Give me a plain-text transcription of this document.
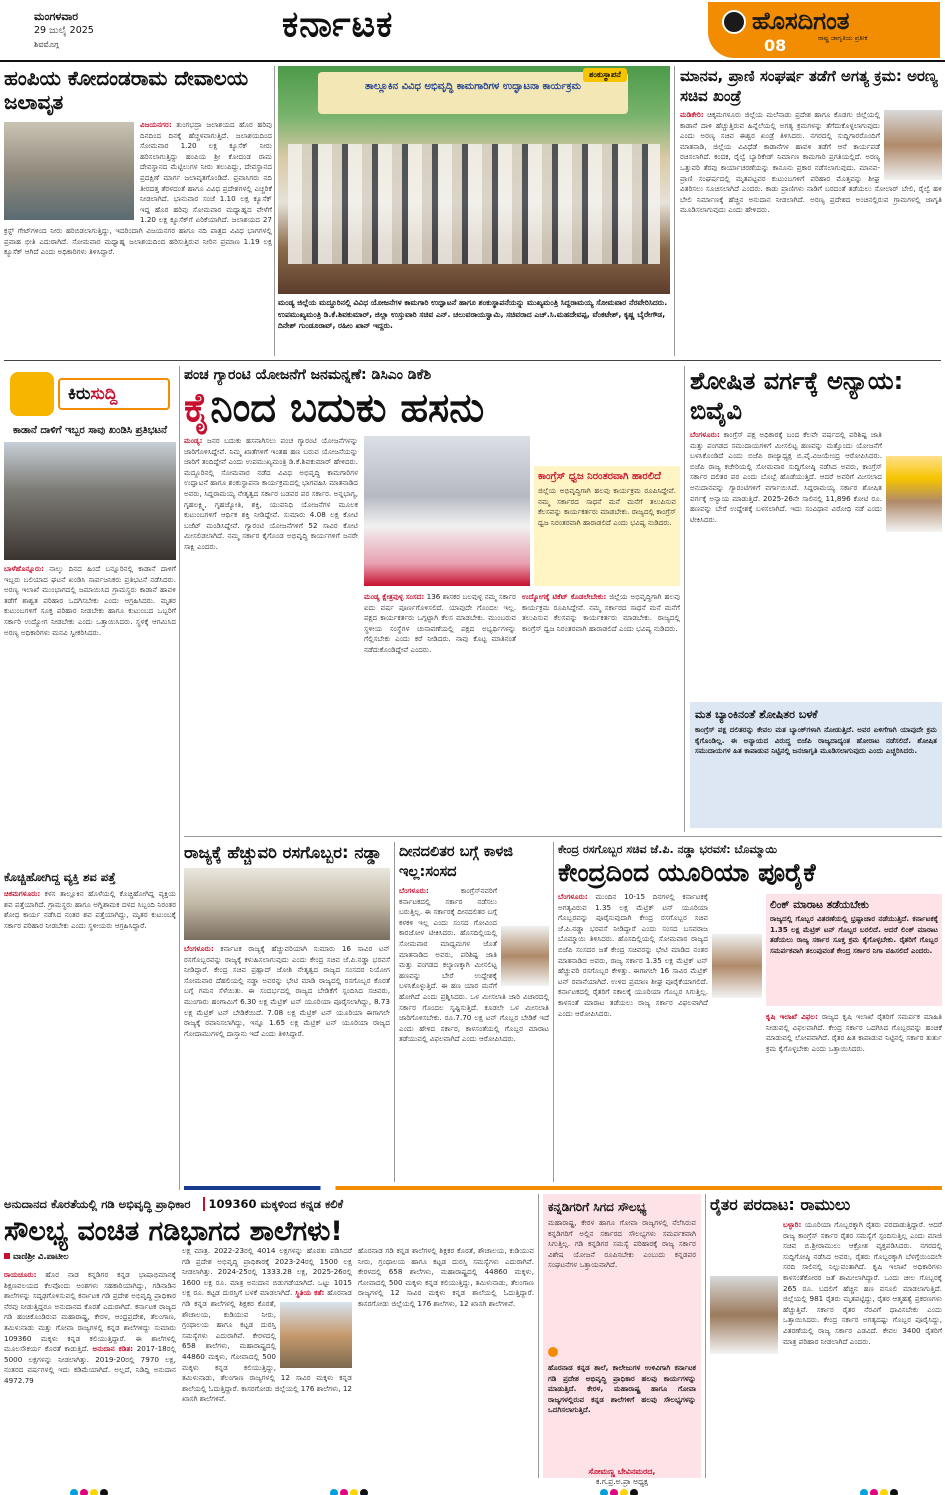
ಮಂಗಳವಾರ
29 ಜುಲೈ 2025
ಶಿವಮೊಗ್ಗ	ಕರ್ನಾಟಕ	ಹೊಸದಿಗಂತ
ರಾಷ್ಟ್ರ ಜಾಗೃತಿಯ ಪ್ರತೀಕ
08
ಹಂಪಿಯ ಕೋದಂಡರಾಮ ದೇವಾಲಯ ಜಲಾವೃತ
ವಿಜಯನಗರ: ತುಂಗಭದ್ರಾ ಜಲಾಶಯದ ಹೊರ ಹರಿವು ದಿನದಿಂದ ದಿನಕ್ಕೆ ಹೆಚ್ಚಳವಾಗುತ್ತಿದೆ. ಜಲಾಶಯದಿಂದ ಸೋಮವಾರ 1.20 ಲಕ್ಷ ಕ್ಯೂಸೆಕ್ ನೀರು ಹರಿಸಲಾಗುತ್ತಿದ್ದು ಹಂಪಿಯ ಶ್ರೀ ಕೋದಂಡ ರಾಮ ದೇವಸ್ಥಾನದ ಮೆಟ್ಟಿಲುಗಳ ನೀರು ತಲುಪಿದ್ದು, ದೇವಸ್ಥಾನದ ಪ್ರದಕ್ಷಿಣೆ ಮಾರ್ಗ ಜಲಾವೃತಗೊಂಡಿದೆ. ಪ್ರವಾಸಿಗರು ನದಿ ತೀರದತ್ತ ತೆರಳದಂತೆ ಹಾಗೂ ವಿವಿಧ ಪ್ರದೇಶಗಳಲ್ಲಿ ಎಚ್ಚರಿಕೆ ನೀಡಲಾಗಿದೆ. ಭಾನುವಾರ ಸಂಜೆ 1.10 ಲಕ್ಷ ಕ್ಯೂಸೆಕ್ ಇದ್ದ ಹೊರ ಹರಿವು ಸೋಮವಾರ ಮಧ್ಯಾಹ್ನದ ವೇಳೆಗೆ 1.20 ಲಕ್ಷ ಕ್ಯೂಸೆಕ್‌ಗೆ ಏರಿಕೆಯಾಗಿದೆ. ಜಲಾಶಯದ 27 ಕ್ರಸ್ಟ್ ಗೇಟ್‌ಗಳಿಂದ ನೀರು ಹರಿಬಿಡಲಾಗುತ್ತಿದ್ದು, ಇದರಿಂದಾಗಿ ವಿಜಯನಗರ ಹಾಗೂ ನದಿ ಪಾತ್ರದ ವಿವಿಧ ಭಾಗಗಳಲ್ಲಿ ಪ್ರವಾಹ ಭೀತಿ ಎದುರಾಗಿದೆ. ಸೋಮವಾರ ಮಧ್ಯಾಹ್ನ ಜಲಾಶಯದಿಂದ ಹರಿಸುತ್ತಿರುವ ನೀರಿನ ಪ್ರಮಾಣ 1.19 ಲಕ್ಷ ಕ್ಯೂಸೆಕ್ ಆಗಿದೆ ಎಂದು ಅಧಿಕಾರಿಗಳು ತಿಳಿಸಿದ್ದಾರೆ.
ತಾಲ್ಲೂಕಿನ ವಿವಿಧ ಅಭಿವೃದ್ಧಿ ಕಾಮಗಾರಿಗಳ ಉದ್ಘಾಟನಾ ಕಾರ್ಯಕ್ರಮ
ಶಂಕುಸ್ಥಾಪನೆ
ಮಂಡ್ಯ ಜಿಲ್ಲೆಯ ಮದ್ದೂರಿನಲ್ಲಿ ವಿವಿಧ ಯೋಜನೆಗಳ ಕಾಮಗಾರಿ ಉದ್ಘಾಟನೆ ಹಾಗೂ ಶಂಕುಸ್ಥಾಪನೆಯನ್ನು ಮುಖ್ಯಮಂತ್ರಿ ಸಿದ್ದರಾಮಯ್ಯ ಸೋಮವಾರ ನೆರವೇರಿಸಿದರು. ಉಪಮುಖ್ಯಮಂತ್ರಿ ಡಿ.ಕೆ.ಶಿವಕುಮಾರ್, ಜಿಲ್ಲಾ ಉಸ್ತುವಾರಿ ಸಚಿವ ಎನ್. ಚಲುವರಾಯಸ್ವಾಮಿ, ಸಚಿವರಾದ ಎಚ್.ಸಿ.ಮಹದೇವಪ್ಪ, ವೆಂಕಟೇಶ್, ಕೃಷ್ಣ ಬೈರೇಗೌಡ, ದಿನೇಶ್ ಗುಂಡೂರಾವ್, ರಹೀಂ ಖಾನ್ ಇದ್ದರು.
ಮಾನವ, ಪ್ರಾಣಿ ಸಂಘರ್ಷ ತಡೆಗೆ ಅಗತ್ಯ ಕ್ರಮ: ಅರಣ್ಯ ಸಚಿವ ಖಂಡ್ರೆ
ಮಡಿಕೇರಿ: ಚಿಕ್ಕಮಗಳೂರು ಜಿಲ್ಲೆಯ ಮಲೆನಾಡು ಪ್ರದೇಶ ಹಾಗೂ ಕೊಡಗು ಜಿಲ್ಲೆಯಲ್ಲಿ ಕಾಡಾನೆ ದಾಳಿ ಹೆಚ್ಚುತ್ತಿರುವ ಹಿನ್ನೆಲೆಯಲ್ಲಿ ಅಗತ್ಯ ಕ್ರಮಗಳನ್ನು ತೆಗೆದುಕೊಳ್ಳಲಾಗುವುದು ಎಂದು ಅರಣ್ಯ ಸಚಿವ ಈಶ್ವರ ಖಂಡ್ರೆ ತಿಳಿಸಿದರು. ನಗರದಲ್ಲಿ ಸುದ್ದಿಗಾರರೊಂದಿಗೆ ಮಾತನಾಡಿ, ಜಿಲ್ಲೆಯ ವಿವಿಧೆಡೆ ಕಾಡಾನೆಗಳ ಹಾವಳಿ ತಡೆಗೆ ಆನೆ ಕಾರ್ಯಪಡೆ ರಚಿಸಲಾಗಿದೆ. ಕಂದಕ, ರೈಲ್ವೆ ಬ್ಯಾರಿಕೇಡ್ ನಿರ್ಮಾಣ ಕಾಮಗಾರಿ ಪ್ರಗತಿಯಲ್ಲಿದೆ. ಅರಣ್ಯ ಒತ್ತುವರಿ ತೆರವು ಕಾರ್ಯಾಚರಣೆಯನ್ನು ಕಾನೂನು ಪ್ರಕಾರ ನಡೆಸಲಾಗುವುದು. ಮಾನವ-ಪ್ರಾಣಿ ಸಂಘರ್ಷದಲ್ಲಿ ಮೃತಪಟ್ಟವರ ಕುಟುಂಬಗಳಿಗೆ ಪರಿಹಾರ ಮೊತ್ತವನ್ನು ಶೀಘ್ರ ವಿತರಿಸಲು ಸೂಚಿಸಲಾಗಿದೆ ಎಂದರು. ಕಾಡು ಪ್ರಾಣಿಗಳು ನಾಡಿಗೆ ಬರದಂತೆ ತಡೆಯಲು ಸೋಲಾರ್ ಬೇಲಿ, ರೈಲ್ವೆ ಹಳಿ ಬೇಲಿ ನಿರ್ಮಾಣಕ್ಕೆ ಹೆಚ್ಚಿನ ಅನುದಾನ ನೀಡಲಾಗಿದೆ. ಅರಣ್ಯ ಪ್ರದೇಶದ ಅಂಚಿನಲ್ಲಿರುವ ಗ್ರಾಮಗಳಲ್ಲಿ ಜಾಗೃತಿ ಮೂಡಿಸಲಾಗುವುದು ಎಂದು ಹೇಳಿದರು.
ಕಿರುಸುದ್ದಿ
ಕಾಡಾನೆ ದಾಳಿಗೆ ಇಬ್ಬರ ಸಾವು ಖಂಡಿಸಿ ಪ್ರತಿಭಟನೆ
ಬಾಳೆಹೊನ್ನೂರು: ನಾಲ್ಕು ದಿನದ ಹಿಂದೆ ಬನ್ನೂರಿನಲ್ಲಿ ಕಾಡಾನೆ ದಾಳಿಗೆ ಇಬ್ಬರು ಬಲಿಯಾದ ಘಟನೆ ಖಂಡಿಸಿ ಸಾರ್ವಜನಿಕರು ಪ್ರತಿಭಟನೆ ನಡೆಸಿದರು. ಅರಣ್ಯ ಇಲಾಖೆ ಮುಂಭಾಗದಲ್ಲಿ ಜಮಾಯಿಸಿದ ಗ್ರಾಮಸ್ಥರು ಕಾಡಾನೆ ಹಾವಳಿ ತಡೆಗೆ ಶಾಶ್ವತ ಪರಿಹಾರ ಒದಗಿಸಬೇಕು ಎಂದು ಆಗ್ರಹಿಸಿದರು. ಮೃತರ ಕುಟುಂಬಗಳಿಗೆ ಸೂಕ್ತ ಪರಿಹಾರ ನೀಡಬೇಕು ಹಾಗೂ ಕುಟುಂಬದ ಒಬ್ಬರಿಗೆ ಸರ್ಕಾರಿ ಉದ್ಯೋಗ ನೀಡಬೇಕು ಎಂದು ಒತ್ತಾಯಿಸಿದರು. ಸ್ಥಳಕ್ಕೆ ಆಗಮಿಸಿದ ಅರಣ್ಯ ಅಧಿಕಾರಿಗಳು ಮನವಿ ಸ್ವೀಕರಿಸಿದರು.
ಕೊಚ್ಚಿಹೋಗಿದ್ದ ವ್ಯಕ್ತಿ ಶವ ಪತ್ತೆ
ಚಿಕಮಗಳೂರು: ಕಳಸ ತಾಲ್ಲೂಕಿನ ಹೊಳೆಯಲ್ಲಿ ಕೊಚ್ಚಿಹೋಗಿದ್ದ ವ್ಯಕ್ತಿಯ ಶವ ಪತ್ತೆಯಾಗಿದೆ. ಗ್ರಾಮಸ್ಥರು ಹಾಗೂ ಅಗ್ನಿಶಾಮಕ ದಳದ ಸಿಬ್ಬಂದಿ ನಿರಂತರ ಶೋಧ ಕಾರ್ಯ ನಡೆಸಿದ ನಂತರ ಶವ ಪತ್ತೆಯಾಗಿದ್ದು, ಮೃತರ ಕುಟುಂಬಕ್ಕೆ ಸರ್ಕಾರ ಪರಿಹಾರ ನೀಡಬೇಕು ಎಂದು ಸ್ಥಳೀಯರು ಆಗ್ರಹಿಸಿದ್ದಾರೆ.
ಪಂಚ ಗ್ಯಾರಂಟಿ ಯೋಜನೆಗೆ ಜನಮನ್ನಣೆ: ಡಿಸಿಎಂ ಡಿಕೆಶಿ
ಕೈನಿಂದ ಬದುಕು ಹಸನು
ಮಂಡ್ಯ: ಜನರ ಬದುಕು ಹಸನಾಗಿಸಲು ಪಂಚ ಗ್ಯಾರಂಟಿ ಯೋಜನೆಗಳನ್ನು ಜಾರಿಗೊಳಿಸಿದ್ದೇವೆ. ನಿಮ್ಮ ಖಾತೆಗಳಿಗೆ ಇಂತಹ ಹಣ ಬರುವ ಯೋಜನೆಯನ್ನು ಜಾರಿಗೆ ತಂದಿದ್ದೇವೆ ಎಂದು ಉಪಮುಖ್ಯಮಂತ್ರಿ ಡಿ.ಕೆ.ಶಿವಕುಮಾರ್ ಹೇಳಿದರು. ಮದ್ದೂರಿನಲ್ಲಿ ಸೋಮವಾರ ನಡೆದ ವಿವಿಧ ಅಭಿವೃದ್ಧಿ ಕಾಮಗಾರಿಗಳ ಉದ್ಘಾಟನೆ ಹಾಗೂ ಶಂಕುಸ್ಥಾಪನಾ ಕಾರ್ಯಕ್ರಮದಲ್ಲಿ ಭಾಗವಹಿಸಿ ಮಾತನಾಡಿದ ಅವರು, ಸಿದ್ದರಾಮಯ್ಯ ನೇತೃತ್ವದ ಸರ್ಕಾರ ಬಡವರ ಪರ ಸರ್ಕಾರ. ಅನ್ನಭಾಗ್ಯ, ಗೃಹಲಕ್ಷ್ಮಿ, ಗೃಹಜ್ಯೋತಿ, ಶಕ್ತಿ, ಯುವನಿಧಿ ಯೋಜನೆಗಳ ಮೂಲಕ ಕುಟುಂಬಗಳಿಗೆ ಆರ್ಥಿಕ ಶಕ್ತಿ ನೀಡಿದ್ದೇವೆ. ಸುಮಾರು 4.08 ಲಕ್ಷ ಕೋಟಿ ಬಜೆಟ್ ಮಂಡಿಸಿದ್ದೇವೆ. ಗ್ಯಾರಂಟಿ ಯೋಜನೆಗಳಿಗೆ 52 ಸಾವಿರ ಕೋಟಿ ಮೀಸಲಿಡಲಾಗಿದೆ. ನಮ್ಮ ಸರ್ಕಾರ ಕೈಗೊಂಡ ಅಭಿವೃದ್ಧಿ ಕಾರ್ಯಗಳಿಗೆ ಜನರೇ ಸಾಕ್ಷಿ ಎಂದರು.
ಕಾಂಗ್ರೆಸ್ ಧ್ವಜ ನಿರಂತರವಾಗಿ ಹಾರಲಿದೆ
ಜಿಲ್ಲೆಯ ಅಭಿವೃದ್ಧಿಗಾಗಿ ಹಲವು ಕಾರ್ಯಕ್ರಮ ರೂಪಿಸಿದ್ದೇವೆ. ನಮ್ಮ ಸರ್ಕಾರದ ಸಾಧನೆ ಮನೆ ಮನೆಗೆ ತಲುಪಿಸುವ ಕೆಲಸವನ್ನು ಕಾರ್ಯಕರ್ತರು ಮಾಡಬೇಕು. ರಾಜ್ಯದಲ್ಲಿ ಕಾಂಗ್ರೆಸ್ ಧ್ವಜ ನಿರಂತರವಾಗಿ ಹಾರಾಡಲಿದೆ ಎಂದು ಭವಿಷ್ಯ ನುಡಿದರು.
ಮಂಡ್ಯ ಕ್ಷೇತ್ರವುಳ್ಳ ಸಂಸದ: 136 ಶಾಸಕರ ಬಲವುಳ್ಳ ನಮ್ಮ ಸರ್ಕಾರ ಐದು ವರ್ಷ ಪೂರ್ಣಗೊಳಿಸಲಿದೆ. ಯಾವುದೇ ಗೊಂದಲ ಇಲ್ಲ. ಪಕ್ಷದ ಕಾರ್ಯಕರ್ತರು ಒಗ್ಗಟ್ಟಾಗಿ ಕೆಲಸ ಮಾಡಬೇಕು. ಮುಂಬರುವ ಸ್ಥಳೀಯ ಸಂಸ್ಥೆಗಳ ಚುನಾವಣೆಯಲ್ಲಿ ಪಕ್ಷದ ಅಭ್ಯರ್ಥಿಗಳನ್ನು ಗೆಲ್ಲಿಸಬೇಕು ಎಂದು ಕರೆ ನೀಡಿದರು. ನಾವು ಕೊಟ್ಟ ಮಾತಿನಂತೆ ನಡೆದುಕೊಂಡಿದ್ದೇವೆ ಎಂದರು.
ಉದ್ಯೋಗಕ್ಕೆ ಟಿಕೆಟ್ ಕೊಡಲೇಬೇಕು: ಜಿಲ್ಲೆಯ ಅಭಿವೃದ್ಧಿಗಾಗಿ ಹಲವು ಕಾರ್ಯಕ್ರಮ ರೂಪಿಸಿದ್ದೇವೆ. ನಮ್ಮ ಸರ್ಕಾರದ ಸಾಧನೆ ಮನೆ ಮನೆಗೆ ತಲುಪಿಸುವ ಕೆಲಸವನ್ನು ಕಾರ್ಯಕರ್ತರು ಮಾಡಬೇಕು. ರಾಜ್ಯದಲ್ಲಿ ಕಾಂಗ್ರೆಸ್ ಧ್ವಜ ನಿರಂತರವಾಗಿ ಹಾರಾಡಲಿದೆ ಎಂದು ಭವಿಷ್ಯ ನುಡಿದರು.
ಶೋಷಿತ ವರ್ಗಕ್ಕೆ ಅನ್ಯಾಯ: ಬಿವೈವಿ
ಬೆಂಗಳೂರು: ಕಾಂಗ್ರೆಸ್ ಪಕ್ಷ ಅಧಿಕಾರಕ್ಕೆ ಬಂದ ಕೆಲವೇ ವರ್ಷದಲ್ಲಿ ಪರಿಶಿಷ್ಟ ಜಾತಿ ಮತ್ತು ಪಂಗಡದ ಸಮುದಾಯಗಳಿಗೆ ಮೀಸಲಿಟ್ಟ ಹಣವನ್ನು ಮತ್ತೊಂದು ಯೋಜನೆಗೆ ಬಳಸಿಕೊಂಡಿದೆ ಎಂದು ಬಿಜೆಪಿ ರಾಜ್ಯಾಧ್ಯಕ್ಷ ಬಿ.ವೈ.ವಿಜಯೇಂದ್ರ ಆರೋಪಿಸಿದರು. ಬಿಜೆಪಿ ರಾಜ್ಯ ಕಚೇರಿಯಲ್ಲಿ ಸೋಮವಾರ ಸುದ್ದಿಗೋಷ್ಠಿ ನಡೆಸಿದ ಅವರು, ಕಾಂಗ್ರೆಸ್ ಸರ್ಕಾರ ದಲಿತರ ಪರ ಎಂದು ಬೊಬ್ಬೆ ಹೊಡೆಯುತ್ತಿದೆ. ಆದರೆ ಅವರಿಗೆ ಮೀಸಲಾದ ಅನುದಾನವನ್ನು ಗ್ಯಾರಂಟಿಗಳಿಗೆ ವರ್ಗಾಯಿಸಿದೆ. ಸಿದ್ದರಾಮಯ್ಯ ಸರ್ಕಾರ ಶೋಷಿತ ವರ್ಗಕ್ಕೆ ಅನ್ಯಾಯ ಮಾಡುತ್ತಿದೆ. 2025-26ನೇ ಸಾಲಿನಲ್ಲಿ 11,896 ಕೋಟಿ ರೂ. ಹಣವನ್ನು ಬೇರೆ ಉದ್ದೇಶಕ್ಕೆ ಬಳಸಲಾಗಿದೆ. ಇದು ಸಂವಿಧಾನ ವಿರೋಧಿ ನಡೆ ಎಂದು ಟೀಕಿಸಿದರು.
ಮತ ಬ್ಯಾಂಕಿನಂತೆ ಶೋಷಿತರ ಬಳಕೆ
ಕಾಂಗ್ರೆಸ್ ಪಕ್ಷ ದಲಿತರನ್ನು ಕೇವಲ ಮತ ಬ್ಯಾಂಕ್‌ಗಳಾಗಿ ನೋಡುತ್ತಿದೆ. ಅವರ ಏಳಿಗೆಗಾಗಿ ಯಾವುದೇ ಕ್ರಮ ಕೈಗೊಂಡಿಲ್ಲ. ಈ ಅನ್ಯಾಯದ ವಿರುದ್ಧ ಬಿಜೆಪಿ ರಾಜ್ಯದಾದ್ಯಂತ ಹೋರಾಟ ನಡೆಸಲಿದೆ. ಶೋಷಿತ ಸಮುದಾಯಗಳ ಹಿತ ಕಾಪಾಡುವ ನಿಟ್ಟಿನಲ್ಲಿ ಜನಜಾಗೃತಿ ಮೂಡಿಸಲಾಗುವುದು ಎಂದು ಎಚ್ಚರಿಸಿದರು.
ರಾಜ್ಯಕ್ಕೆ ಹೆಚ್ಚುವರಿ ರಸಗೊಬ್ಬರ: ನಡ್ಡಾ
ಬೆಂಗಳೂರು: ಕರ್ನಾಟಕ ರಾಜ್ಯಕ್ಕೆ ಹೆಚ್ಚುವರಿಯಾಗಿ ಸುಮಾರು 16 ಸಾವಿರ ಟನ್ ರಸಗೊಬ್ಬರವನ್ನು ರಾಜ್ಯಕ್ಕೆ ಕಳುಹಿಸಲಾಗುವುದು ಎಂದು ಕೇಂದ್ರ ಸಚಿವ ಜೆ.ಪಿ.ನಡ್ಡಾ ಭರವಸೆ ನೀಡಿದ್ದಾರೆ. ಕೇಂದ್ರ ಸಚಿವ ಪ್ರಹ್ಲಾದ್ ಜೋಶಿ ನೇತೃತ್ವದ ರಾಜ್ಯದ ಸಂಸದರ ನಿಯೋಗ ಸೋಮವಾರ ದೆಹಲಿಯಲ್ಲಿ ನಡ್ಡಾ ಅವರನ್ನು ಭೇಟಿ ಮಾಡಿ ರಾಜ್ಯದಲ್ಲಿ ರಸಗೊಬ್ಬರ ಕೊರತೆ ಬಗ್ಗೆ ಗಮನ ಸೆಳೆಯಿತು. ಈ ಸಂದರ್ಭದಲ್ಲಿ ರಾಜ್ಯದ ಬೇಡಿಕೆಗೆ ಸ್ಪಂದಿಸಿದ ಸಚಿವರು, ಮುಂಗಾರು ಹಂಗಾಮಿಗೆ 6.30 ಲಕ್ಷ ಮೆಟ್ರಿಕ್ ಟನ್ ಯೂರಿಯಾ ಪೂರೈಸಲಾಗಿದ್ದು, 8.73 ಲಕ್ಷ ಮೆಟ್ರಿಕ್ ಟನ್ ಬೇಡಿಕೆಯಿದೆ. 7.08 ಲಕ್ಷ ಮೆಟ್ರಿಕ್ ಟನ್ ಯೂರಿಯಾ ಈಗಾಗಲೇ ರಾಜ್ಯಕ್ಕೆ ರವಾನಿಸಲಾಗಿದ್ದು, ಇನ್ನೂ 1.65 ಲಕ್ಷ ಮೆಟ್ರಿಕ್ ಟನ್ ಯೂರಿಯಾ ರಾಜ್ಯದ ಗೋದಾಮುಗಳಲ್ಲಿ ದಾಸ್ತಾನು ಇದೆ ಎಂದು ತಿಳಿಸಿದ್ದಾರೆ.
ದೀನದಲಿತರ ಬಗ್ಗೆ ಕಾಳಜಿ ಇಲ್ಲ:ಸಂಸದ
ಬೆಂಗಳೂರು:	ಕಾಂಗ್ರೆಸ್‌ನವರಿಗೆ ಕರ್ನಾಟಕದಲ್ಲಿ ಸರ್ಕಾರ ನಡೆಸಲು ಬರುತ್ತಿಲ್ಲ. ಈ ಸರ್ಕಾರಕ್ಕೆ ದೀನದಲಿತರ ಬಗ್ಗೆ ಕಳಕಳಿ ಇಲ್ಲ ಎಂದು ಸಂಸದ ಗೋವಿಂದ ಕಾರಜೋಳ ಟೀಕಿಸಿದರು. ಹೊಸದಿಲ್ಲಿಯಲ್ಲಿ ಸೋಮವಾರ ಮಾಧ್ಯಮಗಳ ಜೊತೆ ಮಾತನಾಡಿದ ಅವರು, ಪರಿಶಿಷ್ಟ ಜಾತಿ ಮತ್ತು ಪಂಗಡದ ಕಲ್ಯಾಣಕ್ಕಾಗಿ ಮೀಸಲಿಟ್ಟ ಹಣವನ್ನು ಬೇರೆ ಉದ್ದೇಶಕ್ಕೆ ಬಳಸಿಕೊಳ್ಳುತ್ತಿದೆ. ಈ ಹಣ ಯಾರ ಮನೆಗೆ ಹೋಗಿದೆ ಎಂದು ಪ್ರಶ್ನಿಸಿದರು. ಒಳ ಮೀಸಲಾತಿ ಜಾರಿ ವಿಚಾರದಲ್ಲಿ ಸರ್ಕಾರ ಗೊಂದಲ ಸೃಷ್ಟಿಸುತ್ತಿದೆ. ಕೂಡಲೇ ಒಳ ಮೀಸಲಾತಿ ಜಾರಿಗೊಳಿಸಬೇಕು. ರೂ.7.70 ಲಕ್ಷ ಟನ್ ಗೊಬ್ಬರ ಬೇಡಿಕೆ ಇದೆ ಎಂದು ಹೇಳಿದ ಸರ್ಕಾರ, ಕಾಳಸಂತೆಯಲ್ಲಿ ಗೊಬ್ಬರ ಮಾರಾಟ ತಡೆಯುವಲ್ಲಿ ವಿಫಲವಾಗಿದೆ ಎಂದು ಆರೋಪಿಸಿದರು.
ಕೇಂದ್ರ ರಸಗೊಬ್ಬರ ಸಚಿವ ಜೆ.ಪಿ. ನಡ್ಡಾ ಭರವಸೆ: ಬೊಮ್ಮಾಯಿ
ಕೇಂದ್ರದಿಂದ ಯೂರಿಯಾ ಪೂರೈಕೆ
ಬೆಂಗಳೂರು: ಮುಂದಿನ 10-15 ದಿನಗಳಲ್ಲಿ ಕರ್ನಾಟಕಕ್ಕೆ ಅಗತ್ಯವಿರುವ 1.35 ಲಕ್ಷ ಮೆಟ್ರಿಕ್ ಟನ್ ಯೂರಿಯಾ ಗೊಬ್ಬರವನ್ನು ಪೂರೈಸುವುದಾಗಿ ಕೇಂದ್ರ ರಸಗೊಬ್ಬರ ಸಚಿವ ಜೆ.ಪಿ.ನಡ್ಡಾ ಭರವಸೆ ನೀಡಿದ್ದಾರೆ ಎಂದು ಸಂಸದ ಬಸವರಾಜ ಬೊಮ್ಮಾಯಿ ತಿಳಿಸಿದರು. ಹೊಸದಿಲ್ಲಿಯಲ್ಲಿ ಸೋಮವಾರ ರಾಜ್ಯದ ಬಿಜೆಪಿ ಸಂಸದರ ಜತೆ ಕೇಂದ್ರ ಸಚಿವರನ್ನು ಭೇಟಿ ಮಾಡಿದ ನಂತರ ಮಾತನಾಡಿದ ಅವರು, ರಾಜ್ಯ ಸರ್ಕಾರ 1.35 ಲಕ್ಷ ಮೆಟ್ರಿಕ್ ಟನ್ ಹೆಚ್ಚುವರಿ ರಸಗೊಬ್ಬರ ಕೇಳಿತ್ತು. ಈಗಾಗಲೇ 16 ಸಾವಿರ ಮೆಟ್ರಿಕ್ ಟನ್ ರವಾನೆಯಾಗಿದೆ. ಉಳಿದ ಪ್ರಮಾಣ ಶೀಘ್ರ ಪೂರೈಕೆಯಾಗಲಿದೆ. ಕರ್ನಾಟಕದಲ್ಲಿ ರೈತರಿಗೆ ಸಕಾಲಕ್ಕೆ ಯೂರಿಯಾ ಗೊಬ್ಬರ ಸಿಗುತ್ತಿಲ್ಲ. ಕಾಳಸಂತೆ ಮಾರಾಟ ತಡೆಯಲು ರಾಜ್ಯ ಸರ್ಕಾರ ವಿಫಲವಾಗಿದೆ ಎಂದು ಆರೋಪಿಸಿದರು.
ಲಿಂಕ್ ಮಾರಾಟ ತಡೆಯಬೇಕು
ರಾಜ್ಯದಲ್ಲಿ ಗೊಬ್ಬರ ವಿತರಣೆಯಲ್ಲಿ ಭ್ರಷ್ಟಾಚಾರ ನಡೆಯುತ್ತಿದೆ. ಕರ್ನಾಟಕಕ್ಕೆ 1.35 ಲಕ್ಷ ಮೆಟ್ರಿಕ್ ಟನ್ ಗೊಬ್ಬರ ಬರಲಿದೆ. ಆದರೆ ಲಿಂಕ್ ಮಾರಾಟ ತಡೆಯಲು ರಾಜ್ಯ ಸರ್ಕಾರ ಸೂಕ್ತ ಕ್ರಮ ಕೈಗೊಳ್ಳಬೇಕು. ರೈತರಿಗೆ ಗೊಬ್ಬರ ಸಮರ್ಪಕವಾಗಿ ತಲುಪುವಂತೆ ಕೇಂದ್ರ ಸರ್ಕಾರ ನಿಗಾ ವಹಿಸಲಿದೆ ಎಂದರು.
ಕೃಷಿ ಇಲಾಖೆ ವಿಫಲ: ರಾಜ್ಯದ ಕೃಷಿ ಇಲಾಖೆ ರೈತರಿಗೆ ಸಮರ್ಪಕ ಮಾಹಿತಿ ನೀಡುವಲ್ಲಿ ವಿಫಲವಾಗಿದೆ. ಕೇಂದ್ರ ಸರ್ಕಾರ ಒದಗಿಸಿದ ಗೊಬ್ಬರವನ್ನು ಹಂಚಿಕೆ ಮಾಡುವಲ್ಲಿ ಲೋಪವಾಗಿದೆ. ರೈತರ ಹಿತ ಕಾಪಾಡುವ ನಿಟ್ಟಿನಲ್ಲಿ ಸರ್ಕಾರ ತುರ್ತು ಕ್ರಮ ಕೈಗೊಳ್ಳಬೇಕು ಎಂದು ಒತ್ತಾಯಿಸಿದರು.
ಅನುದಾನದ ಕೊರತೆಯಲ್ಲಿ ಗಡಿ ಅಭಿವೃದ್ಧಿ ಪ್ರಾಧಿಕಾರ 109360 ಮಕ್ಕಳಿಂದ ಕನ್ನಡ ಕಲಿಕೆ
ಸೌಲಭ್ಯ ವಂಚಿತ ಗಡಿಭಾಗದ ಶಾಲೆಗಳು!
ವಾಣಿಶ್ರೀ ವಿ.ಪಾಟೀಲ
ರಾಯಚೂರು: ಹೊರ ನಾಡ ಕನ್ನಡಿಗರ ಕನ್ನಡ ಭಾಷಾಭಿಮಾನಕ್ಕೆ ಶಿಕ್ಷಣವಲಯದ ಕೆಲವೊಂದು ಅಂಶಗಳು ಸಹಕಾರಿಯಾಗಿದ್ದು, ಗಡಿನಾಡಿನ ಶಾಲೆಗಳನ್ನು ಸದೃಢಗೊಳಿಸುವಲ್ಲಿ ಕರ್ನಾಟಕ ಗಡಿ ಪ್ರದೇಶ ಅಭಿವೃದ್ಧಿ ಪ್ರಾಧಿಕಾರ ನೆರವು ನೀಡುತ್ತಿದ್ದರೂ ಅನುದಾನದ ಕೊರತೆ ಎದುರಾಗಿದೆ. ಕರ್ನಾಟಕ ರಾಜ್ಯದ ಗಡಿ ಹಂಚಿಕೊಂಡಿರುವ ಮಹಾರಾಷ್ಟ್ರ, ಕೇರಳ, ಆಂಧ್ರಪ್ರದೇಶ, ತೆಲಂಗಾಣ, ತಮಿಳುನಾಡು ಮತ್ತು ಗೋವಾ ರಾಜ್ಯಗಳಲ್ಲಿ ಕನ್ನಡ ಶಾಲೆಗಳಿದ್ದು ಸುಮಾರು 109360 ಮಕ್ಕಳು ಕನ್ನಡ ಕಲಿಯುತ್ತಿದ್ದಾರೆ. ಈ ಶಾಲೆಗಳಲ್ಲಿ ಮೂಲಸೌಕರ್ಯ ಕೊರತೆ ಕಾಡುತ್ತಿದೆ. ಅನುದಾನ ಕಡಿತ: 2017-18ರಲ್ಲಿ 5000 ಲಕ್ಷಗಳನ್ನು ನೀಡಲಾಗಿತ್ತು. 2019-20ರಲ್ಲಿ 7970 ಲಕ್ಷ, ನಂತರದ ವರ್ಷಗಳಲ್ಲಿ ಇದು ಕಡಿಮೆಯಾಗಿದೆ. ಅಲ್ಲದೆ, ನಿಡಿದ್ದಿ ಅನುದಾನ 4972.79
ಲಕ್ಷ ಮಾತ್ರ. 2022-23ರಲ್ಲಿ 4014 ಲಕ್ಷಗಳನ್ನು ಹೊರತು ಪಡಿಸಿದರೆ ಗಡಿ ಪ್ರದೇಶ ಅಭಿವೃದ್ಧಿ ಪ್ರಾಧಿಕಾರಕ್ಕೆ 2023-24ರಲ್ಲಿ 1500 ಲಕ್ಷ ನೀಡಲಾಗಿತ್ತು. 2024-25ರಲ್ಲಿ 1333.28 ಲಕ್ಷ, 2025-26ರಲ್ಲಿ 1600 ಲಕ್ಷ ರೂ. ಮಾತ್ರ ಅನುದಾನ ಬಿಡುಗಡೆಯಾಗಿದೆ. ಒಟ್ಟು 1015 ಲಕ್ಷ ರೂ. ಕಟ್ಟಡ ದುರಸ್ತಿಗೆ ಬಳಕೆ ಮಾಡಲಾಗಿದೆ. ಸ್ಥಿತಿಯ ಕತೆ: ಹೊರನಾಡ ಗಡಿ ಕನ್ನಡ ಶಾಲೆಗಳಲ್ಲಿ ಶಿಕ್ಷಕರ ಕೊರತೆ, ಶೌಚಾಲಯ, ಕುಡಿಯುವ ನೀರು, ಗ್ರಂಥಾಲಯ ಹಾಗೂ ಕಟ್ಟಡ ದುರಸ್ತಿ ಸಮಸ್ಯೆಗಳು ಎದುರಾಗಿವೆ. ಕೇರಳದಲ್ಲಿ 658 ಶಾಲೆಗಳು, ಮಹಾರಾಷ್ಟ್ರದಲ್ಲಿ 44860 ಮಕ್ಕಳು, ಗೋವಾದಲ್ಲಿ 500 ಮಕ್ಕಳು ಕನ್ನಡ ಕಲಿಯುತ್ತಿದ್ದು, ತಮಿಳುನಾಡು, ತೆಲಂಗಾಣ ರಾಜ್ಯಗಳಲ್ಲಿ 12 ಸಾವಿರ ಮಕ್ಕಳು ಕನ್ನಡ ಶಾಲೆಯಲ್ಲಿ ಓದುತ್ತಿದ್ದಾರೆ. ಕಾಸರಗೋಡು ಜಿಲ್ಲೆಯಲ್ಲಿ 176 ಶಾಲೆಗಳು, 12 ಖಾಸಗಿ ಶಾಲೆಗಳಿವೆ.
ಹೊರನಾಡ ಗಡಿ ಕನ್ನಡ ಶಾಲೆಗಳಲ್ಲಿ ಶಿಕ್ಷಕರ ಕೊರತೆ, ಶೌಚಾಲಯ, ಕುಡಿಯುವ ನೀರು, ಗ್ರಂಥಾಲಯ ಹಾಗೂ ಕಟ್ಟಡ ದುರಸ್ತಿ ಸಮಸ್ಯೆಗಳು ಎದುರಾಗಿವೆ. ಕೇರಳದಲ್ಲಿ 658 ಶಾಲೆಗಳು, ಮಹಾರಾಷ್ಟ್ರದಲ್ಲಿ 44860 ಮಕ್ಕಳು, ಗೋವಾದಲ್ಲಿ 500 ಮಕ್ಕಳು ಕನ್ನಡ ಕಲಿಯುತ್ತಿದ್ದು, ತಮಿಳುನಾಡು, ತೆಲಂಗಾಣ ರಾಜ್ಯಗಳಲ್ಲಿ 12 ಸಾವಿರ ಮಕ್ಕಳು ಕನ್ನಡ ಶಾಲೆಯಲ್ಲಿ ಓದುತ್ತಿದ್ದಾರೆ. ಕಾಸರಗೋಡು ಜಿಲ್ಲೆಯಲ್ಲಿ 176 ಶಾಲೆಗಳು, 12 ಖಾಸಗಿ ಶಾಲೆಗಳಿವೆ.
ಕನ್ನಡಿಗರಿಗೆ ಸಿಗದ ಸೌಲಭ್ಯ
ಮಹಾರಾಷ್ಟ್ರ, ಕೇರಳ ಹಾಗೂ ಗೋವಾ ರಾಜ್ಯಗಳಲ್ಲಿ ನೆಲೆಸಿರುವ ಕನ್ನಡಿಗರಿಗೆ ಅಲ್ಲಿನ ಸರ್ಕಾರದ ಸೌಲಭ್ಯಗಳು ಸಮರ್ಪಕವಾಗಿ ಸಿಗುತ್ತಿಲ್ಲ. ಗಡಿ ಕನ್ನಡಿಗರ ಸಮಸ್ಯೆ ಪರಿಹಾರಕ್ಕೆ ರಾಜ್ಯ ಸರ್ಕಾರ ವಿಶೇಷ ಯೋಜನೆ ರೂಪಿಸಬೇಕು ಎಂಬುದು ಕನ್ನಡಪರ ಸಂಘಟನೆಗಳ ಒತ್ತಾಯವಾಗಿದೆ.
ಹೊರನಾಡ ಕನ್ನಡ ಶಾಲೆ, ಕಾಲೇಜುಗಳ ಉಳಿವಿಗಾಗಿ ಕರ್ನಾಟಕ ಗಡಿ ಪ್ರದೇಶ ಅಭಿವೃದ್ಧಿ ಪ್ರಾಧಿಕಾರ ಹಲವು ಕಾರ್ಯಗಳನ್ನು ಮಾಡುತ್ತಿದೆ. ಕೇರಳ, ಮಹಾರಾಷ್ಟ್ರ ಹಾಗೂ ಗೋವಾ ರಾಜ್ಯಗಳಲ್ಲಿರುವ ಕನ್ನಡ ಶಾಲೆಗಳಿಗೆ ಹಲವು ಸೌಲಭ್ಯಗಳನ್ನು ಒದಗಿಸಲಾಗುತ್ತಿದೆ.
ಸೋಮಣ್ಣ ಬೇವಿನಮರದ,
ಕ.ಗ.ಪ್ರ.ಅ.ಪ್ರಾ ಅಧ್ಯಕ್ಷ
ರೈತರ ಪರದಾಟ: ರಾಮುಲು
ಬಳ್ಳಾರಿ: ಯೂರಿಯಾ ಗೊಬ್ಬರಕ್ಕಾಗಿ ರೈತರು ಪರದಾಡುತ್ತಿದ್ದಾರೆ. ಆದರೆ ರಾಜ್ಯ ಕಾಂಗ್ರೆಸ್ ಸರ್ಕಾರ ರೈತರ ಸಮಸ್ಯೆಗೆ ಸ್ಪಂದಿಸುತ್ತಿಲ್ಲ ಎಂದು ಮಾಜಿ ಸಚಿವ ಬಿ.ಶ್ರೀರಾಮುಲು ಆಕ್ರೋಶ ವ್ಯಕ್ತಪಡಿಸಿದರು. ನಗರದಲ್ಲಿ ಸುದ್ದಿಗೋಷ್ಠಿ ನಡೆಸಿದ ಅವರು, ರೈತರು ಗೊಬ್ಬರಕ್ಕಾಗಿ ಬೆಳಗ್ಗೆಯಿಂದಲೇ ಸರದಿ ಸಾಲಿನಲ್ಲಿ ನಿಲ್ಲುವಂತಾಗಿದೆ. ಕೃಷಿ ಇಲಾಖೆ ಅಧಿಕಾರಿಗಳು ಕಾಳಸಂತೆಕೋರರ ಜತೆ ಶಾಮೀಲಾಗಿದ್ದಾರೆ. ಒಂದು ಚೀಲ ಗೊಬ್ಬರಕ್ಕೆ 265 ರೂ. ಬದಲಿಗೆ ಹೆಚ್ಚಿನ ಹಣ ವಸೂಲಿ ಮಾಡಲಾಗುತ್ತಿದೆ. ಜಿಲ್ಲೆಯಲ್ಲಿ 981 ರೈತರು ಮೃತಪಟ್ಟಿದ್ದು, ರೈತರ ಆತ್ಮಹತ್ಯೆ ಪ್ರಕರಣಗಳು ಹೆಚ್ಚುತ್ತಿವೆ. ಸರ್ಕಾರ ರೈತರ ನೆರವಿಗೆ ಧಾವಿಸಬೇಕು ಎಂದು ಒತ್ತಾಯಿಸಿದರು. ಕೇಂದ್ರ ಸರ್ಕಾರ ಅಗತ್ಯದಷ್ಟು ಗೊಬ್ಬರ ಪೂರೈಸಿದ್ದು, ವಿತರಣೆಯಲ್ಲಿ ರಾಜ್ಯ ಸರ್ಕಾರ ಎಡವಿದೆ. ಕೇವಲ 3400 ರೈತರಿಗೆ ಮಾತ್ರ ಪರಿಹಾರ ನೀಡಲಾಗಿದೆ ಎಂದರು.
